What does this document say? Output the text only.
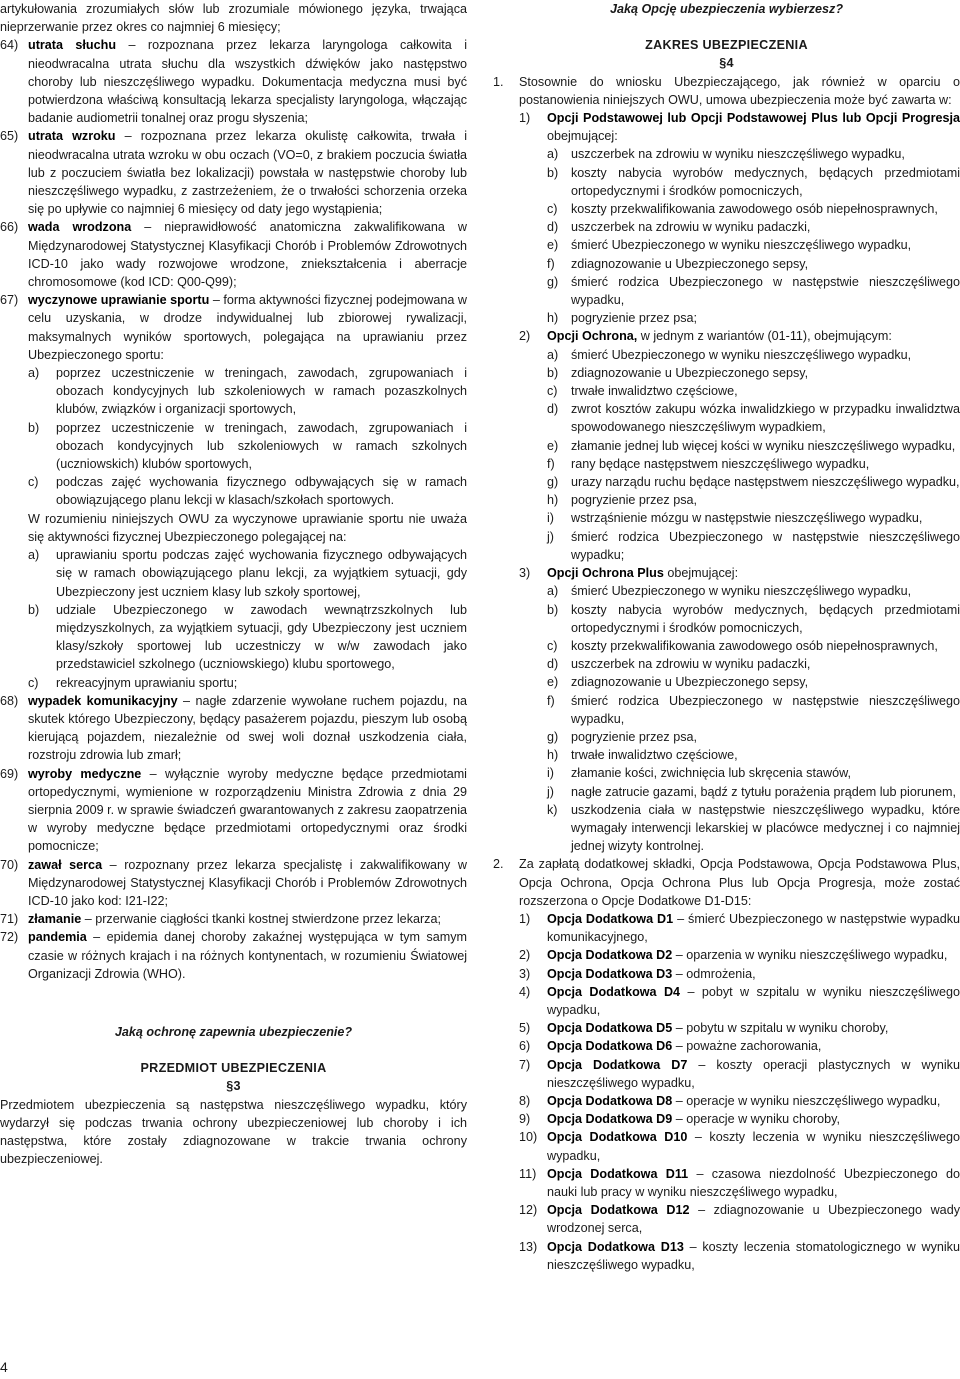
artykułowania zrozumiałych słów lub zrozumiale mówionego języka, trwająca nieprzerwanie przez okres co najmniej 6 miesięcy;

64) utrata słuchu – rozpoznana przez lekarza laryngologa całkowita i nieodwracalna utrata słuchu dla wszystkich dźwięków jako następstwo choroby lub nieszczęśliwego wypadku. Dokumentacja medyczna musi być potwierdzona właściwą konsultacją lekarza specjalisty laryngologa, włączając badanie audiometrii tonalnej oraz progu słyszenia;
65) utrata wzroku – rozpoznana przez lekarza okulistę całkowita, trwała i nieodwracalna utrata wzroku w obu oczach (VO=0, z brakiem poczucia światła lub z poczuciem światła bez lokalizacji) powstała w następstwie choroby lub nieszczęśliwego wypadku, z zastrzeżeniem, że o trwałości schorzenia orzeka się po upływie co najmniej 6 miesięcy od daty jego wystąpienia;
66) wada wrodzona – nieprawidłowość anatomiczna zakwalifikowana w Międzynarodowej Statystycznej Klasyfikacji Chorób i Problemów Zdrowotnych ICD-10 jako wady rozwojowe wrodzone, zniekształcenia i aberracje chromosomowe (kod ICD: Q00-Q99);
67) wyczynowe uprawianie sportu – forma aktywności fizycznej podejmowana w celu uzyskania, w drodze indywidualnej lub zbiorowej rywalizacji, maksymalnych wyników sportowych, polegająca na uprawianiu przez Ubezpieczonego sportu:
a)	poprzez uczestniczenie w treningach, zawodach, zgrupowaniach i obozach kondycyjnych lub szkoleniowych w ramach pozaszkolnych klubów, związków i organizacji sportowych,
b)	poprzez uczestniczenie w treningach, zawodach, zgrupowaniach i obozach kondycyjnych lub szkoleniowych w ramach szkolnych (uczniowskich) klubów sportowych,
c)	podczas zajęć wychowania fizycznego odbywających się w ramach obowiązującego planu lekcji w klasach/szkołach sportowych.

W rozumieniu niniejszych OWU za wyczynowe uprawianie sportu nie uważa się aktywności fizycznej Ubezpieczonego polegającej na:

a)	uprawianiu sportu podczas zajęć wychowania fizycznego odbywających się w ramach obowiązującego planu lekcji, za wyjątkiem sytuacji, gdy Ubezpieczony jest uczniem klasy lub szkoły sportowej,
b)	udziale Ubezpieczonego w zawodach wewnątrzszkolnych lub międzyszkolnych, za wyjątkiem sytuacji, gdy Ubezpieczony jest uczniem klasy/szkoły sportowej lub uczestniczy w w/w zawodach jako przedstawiciel szkolnego (uczniowskiego) klubu sportowego,
c)	rekreacyjnym uprawianiu sportu;
68) wypadek komunikacyjny – nagłe zdarzenie wywołane ruchem pojazdu, na skutek którego Ubezpieczony, będący pasażerem pojazdu, pieszym lub osobą kierującą pojazdem, niezależnie od swej woli doznał uszkodzenia ciała, rozstroju zdrowia lub zmarł;
69) wyroby medyczne – wyłącznie wyroby medyczne będące przedmiotami ortopedycznymi, wymienione w rozporządzeniu Ministra Zdrowia z dnia 29 sierpnia 2009 r. w sprawie świadczeń gwarantowanych z zakresu zaopatrzenia w wyroby medyczne będące przedmiotami ortopedycznymi oraz środki pomocnicze;
70) zawał serca – rozpoznany przez lekarza specjalistę i zakwalifikowany w Międzynarodowej Statystycznej Klasyfikacji Chorób i Problemów Zdrowotnych ICD-10 jako kod: I21-I22;
71) złamanie – przerwanie ciągłości tkanki kostnej stwierdzone przez lekarza;
72) pandemia – epidemia danej choroby zakaźnej występująca w tym samym czasie w różnych krajach i na różnych kontynentach, w rozumieniu Światowej Organizacji Zdrowia (WHO).

Jaką ochronę zapewnia ubezpieczenie?

PRZEDMIOT UBEZPIECZENIA

§3

Przedmiotem ubezpieczenia są następstwa nieszczęśliwego wypadku, który wydarzył się podczas trwania ochrony ubezpieczeniowej lub choroby i ich następstwa, które zostały zdiagnozowane w trakcie trwania ochrony ubezpieczeniowej.

Jaką Opcję ubezpieczenia wybierzesz?

ZAKRES UBEZPIECZENIA

§4

1.	Stosownie do wniosku Ubezpieczającego, jak również w oparciu o postanowienia niniejszych OWU, umowa ubezpieczenia może być zawarta w:

1)	Opcji Podstawowej lub Opcji Podstawowej Plus lub Opcji Progresja obejmującej:
a)	uszczerbek na zdrowiu w wyniku nieszczęśliwego wypadku,
b)	koszty nabycia wyrobów medycznych, będących przedmiotami ortopedycznymi i środków pomocniczych,
c)	koszty przekwalifikowania zawodowego osób niepełnosprawnych,
d)	uszczerbek na zdrowiu w wyniku padaczki,
e)	śmierć Ubezpieczonego w wyniku nieszczęśliwego wypadku,
f)	zdiagnozowanie u Ubezpieczonego sepsy,
g)	śmierć rodzica Ubezpieczonego w następstwie nieszczęśliwego wypadku,
h)	pogryzienie przez psa;
2)	Opcji Ochrona, w jednym z wariantów (01-11), obejmującym:
a)	śmierć Ubezpieczonego w wyniku nieszczęśliwego wypadku,
b)	zdiagnozowanie u Ubezpieczonego sepsy,
c)	trwałe inwalidztwo częściowe,
d)	zwrot kosztów zakupu wózka inwalidzkiego w przypadku inwalidztwa spowodowanego nieszczęśliwym wypadkiem,
e)	złamanie jednej lub więcej kości w wyniku nieszczęśliwego wypadku,
f)	rany będące następstwem nieszczęśliwego wypadku,
g)	urazy narządu ruchu będące następstwem nieszczęśliwego wypadku,
h)	pogryzienie przez psa,
i)	wstrząśnienie mózgu w następstwie nieszczęśliwego wypadku,
j)	śmierć rodzica Ubezpieczonego w następstwie nieszczęśliwego wypadku;
3)	Opcji Ochrona Plus obejmującej:
a)	śmierć Ubezpieczonego w wyniku nieszczęśliwego wypadku,
b)	koszty nabycia wyrobów medycznych, będących przedmiotami ortopedycznymi i środków pomocniczych,
c)	koszty przekwalifikowania zawodowego osób niepełnosprawnych,
d)	uszczerbek na zdrowiu w wyniku padaczki,
e)	zdiagnozowanie u Ubezpieczonego sepsy,
f)	śmierć rodzica Ubezpieczonego w następstwie nieszczęśliwego wypadku,
g)	pogryzienie przez psa,
h)	trwałe inwalidztwo częściowe,
i)	złamanie kości, zwichnięcia lub skręcenia stawów,
j)	nagłe zatrucie gazami, bądź z tytułu porażenia prądem lub piorunem,
k)	uszkodzenia ciała w następstwie nieszczęśliwego wypadku, które wymagały interwencji lekarskiej w placówce medycznej i co najmniej jednej wizyty kontrolnej.
2.	Za zapłatą dodatkowej składki, Opcja Podstawowa, Opcja Podstawowa Plus, Opcja Ochrona, Opcja Ochrona Plus lub Opcja Progresja, może zostać rozszerzona o Opcje Dodatkowe D1-D15:

1)	Opcja Dodatkowa D1 – śmierć Ubezpieczonego w następstwie wypadku komunikacyjnego,
2)	Opcja Dodatkowa D2 – oparzenia w wyniku nieszczęśliwego wypadku,
3)	Opcja Dodatkowa D3 – odmrożenia,
4)	Opcja Dodatkowa D4 – pobyt w szpitalu w wyniku nieszczęśliwego wypadku,
5)	Opcja Dodatkowa D5 – pobytu w szpitalu w wyniku choroby,
6)	Opcja Dodatkowa D6 – poważne zachorowania,
7)	Opcja Dodatkowa D7 – koszty operacji plastycznych w wyniku nieszczęśliwego wypadku,
8)	Opcja Dodatkowa D8 – operacje w wyniku nieszczęśliwego wypadku,
9)	Opcja Dodatkowa D9 – operacje w wyniku choroby,
10) Opcja Dodatkowa D10 – koszty leczenia w wyniku nieszczęśliwego wypadku,
11) Opcja Dodatkowa D11 – czasowa niezdolność Ubezpieczonego do nauki lub pracy w wyniku nieszczęśliwego wypadku,
12) Opcja Dodatkowa D12 – zdiagnozowanie u Ubezpieczonego wady wrodzonej serca,
13) Opcja Dodatkowa D13 – koszty leczenia stomatologicznego w wyniku nieszczęśliwego wypadku,
4
